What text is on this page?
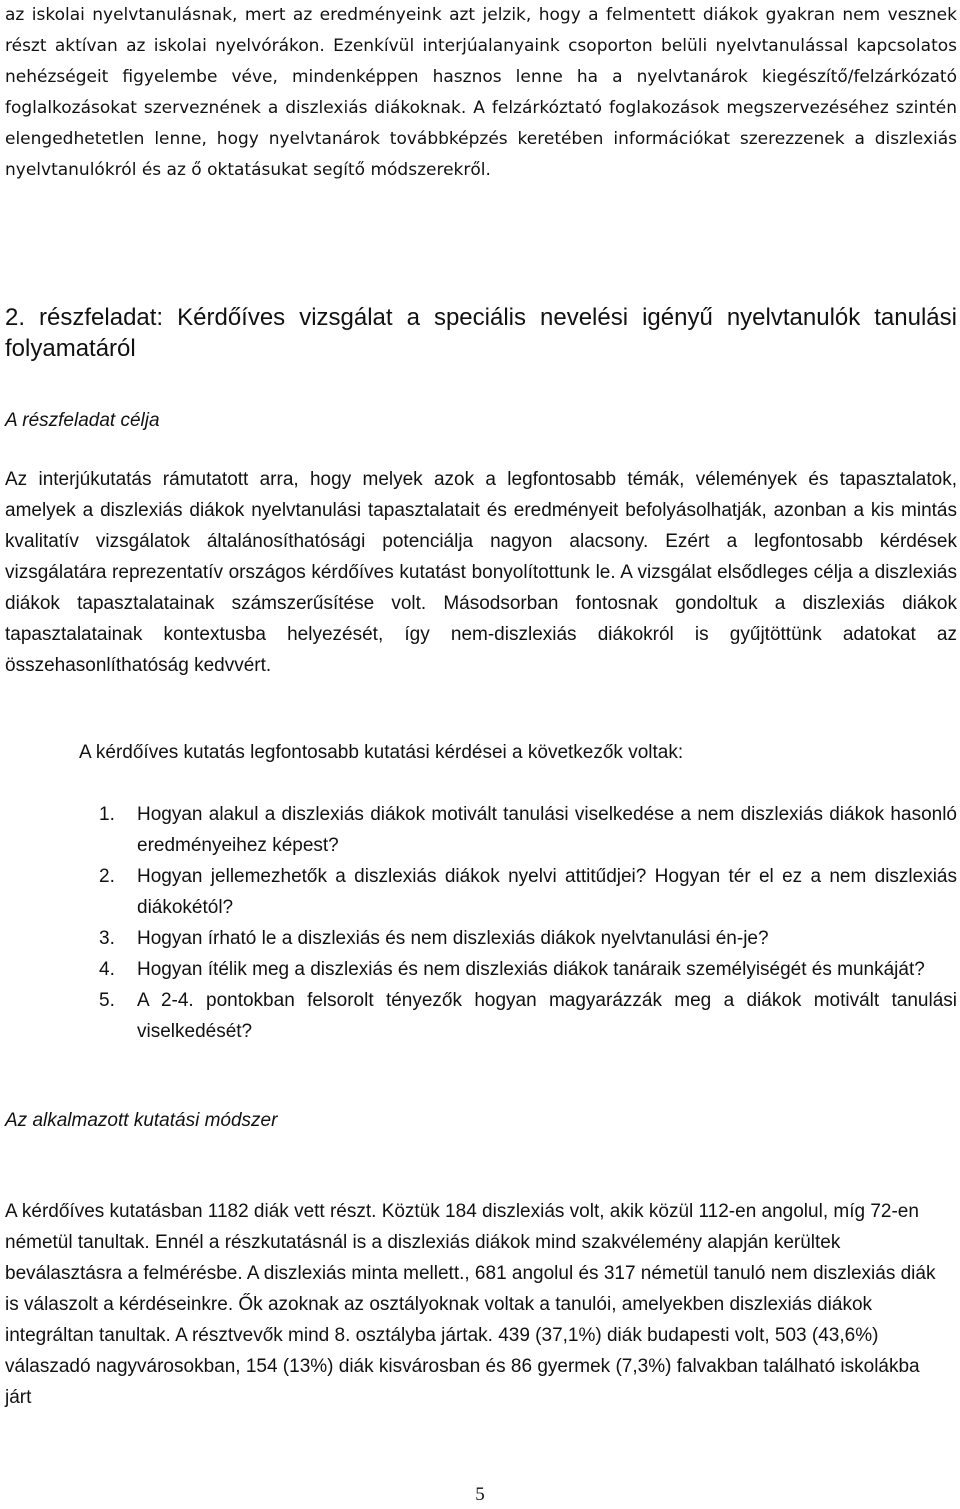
az iskolai nyelvtanulásnak, mert az eredményeink azt jelzik, hogy a felmentett diákok gyakran nem vesznek részt aktívan az iskolai nyelvórákon. Ezenkívül interjúalanyaink csoporton belüli nyelvtanulással kapcsolatos nehézségeit figyelembe véve, mindenképpen hasznos lenne ha a nyelvtanárok kiegészítő/felzárkózató foglalkozásokat szerveznének a diszlexiás diákoknak. A felzárkóztató foglakozások megszervezéséhez szintén elengedhetetlen lenne, hogy nyelvtanárok továbbképzés keretében információkat szerezzenek a diszlexiás nyelvtanulókról és az ő oktatásukat segítő módszerekről.

2. részfeladat: Kérdőíves vizsgálat a speciális nevelési igényű nyelvtanulók tanulási folyamatáról

A részfeladat célja

Az interjúkutatás rámutatott arra, hogy melyek azok a legfontosabb témák, vélemények és tapasztalatok, amelyek a diszlexiás diákok nyelvtanulási tapasztalatait és eredményeit befolyásolhatják, azonban a kis mintás kvalitatív vizsgálatok általánosíthatósági potenciálja nagyon alacsony. Ezért a legfontosabb kérdések vizsgálatára reprezentatív országos kérdőíves kutatást bonyolítottunk le. A vizsgálat elsődleges célja a diszlexiás diákok tapasztalatainak számszerűsítése volt. Másodsorban fontosnak gondoltuk a diszlexiás diákok tapasztalatainak kontextusba helyezését, így nem-diszlexiás diákokról is gyűjtöttünk adatokat az összehasonlíthatóság kedvvért.

A kérdőíves kutatás legfontosabb kutatási kérdései a következők voltak:

1. Hogyan alakul a diszlexiás diákok motivált tanulási viselkedése a nem diszlexiás diákok hasonló eredményeihez képest?
2. Hogyan jellemezhetők a diszlexiás diákok nyelvi attitűdjei? Hogyan tér el ez a nem diszlexiás diákokétól?
3. Hogyan írható le a diszlexiás és nem diszlexiás diákok nyelvtanulási én-je?
4. Hogyan ítélik meg a diszlexiás és nem diszlexiás diákok tanáraik személyiségét és munkáját?
5. A 2-4. pontokban felsorolt tényezők hogyan magyarázzák meg a diákok motivált tanulási viselkedését?

Az alkalmazott kutatási módszer

A kérdőíves kutatásban 1182 diák vett részt. Köztük 184 diszlexiás volt, akik közül 112-en angolul, míg 72-en németül tanultak. Ennél a részkutatásnál is a diszlexiás diákok mind szakvélemény alapján kerültek beválasztásra a felmérésbe. A diszlexiás minta mellett., 681 angolul és 317 németül tanuló nem diszlexiás diák is válaszolt a kérdéseinkre. Ők azoknak az osztályoknak voltak a tanulói, amelyekben diszlexiás diákok integráltan tanultak. A résztvevők mind 8. osztályba jártak. 439 (37,1%) diák budapesti volt, 503 (43,6%) válaszadó nagyvárosokban, 154 (13%) diák kisvárosban és 86 gyermek (7,3%) falvakban található iskolákba járt

5
